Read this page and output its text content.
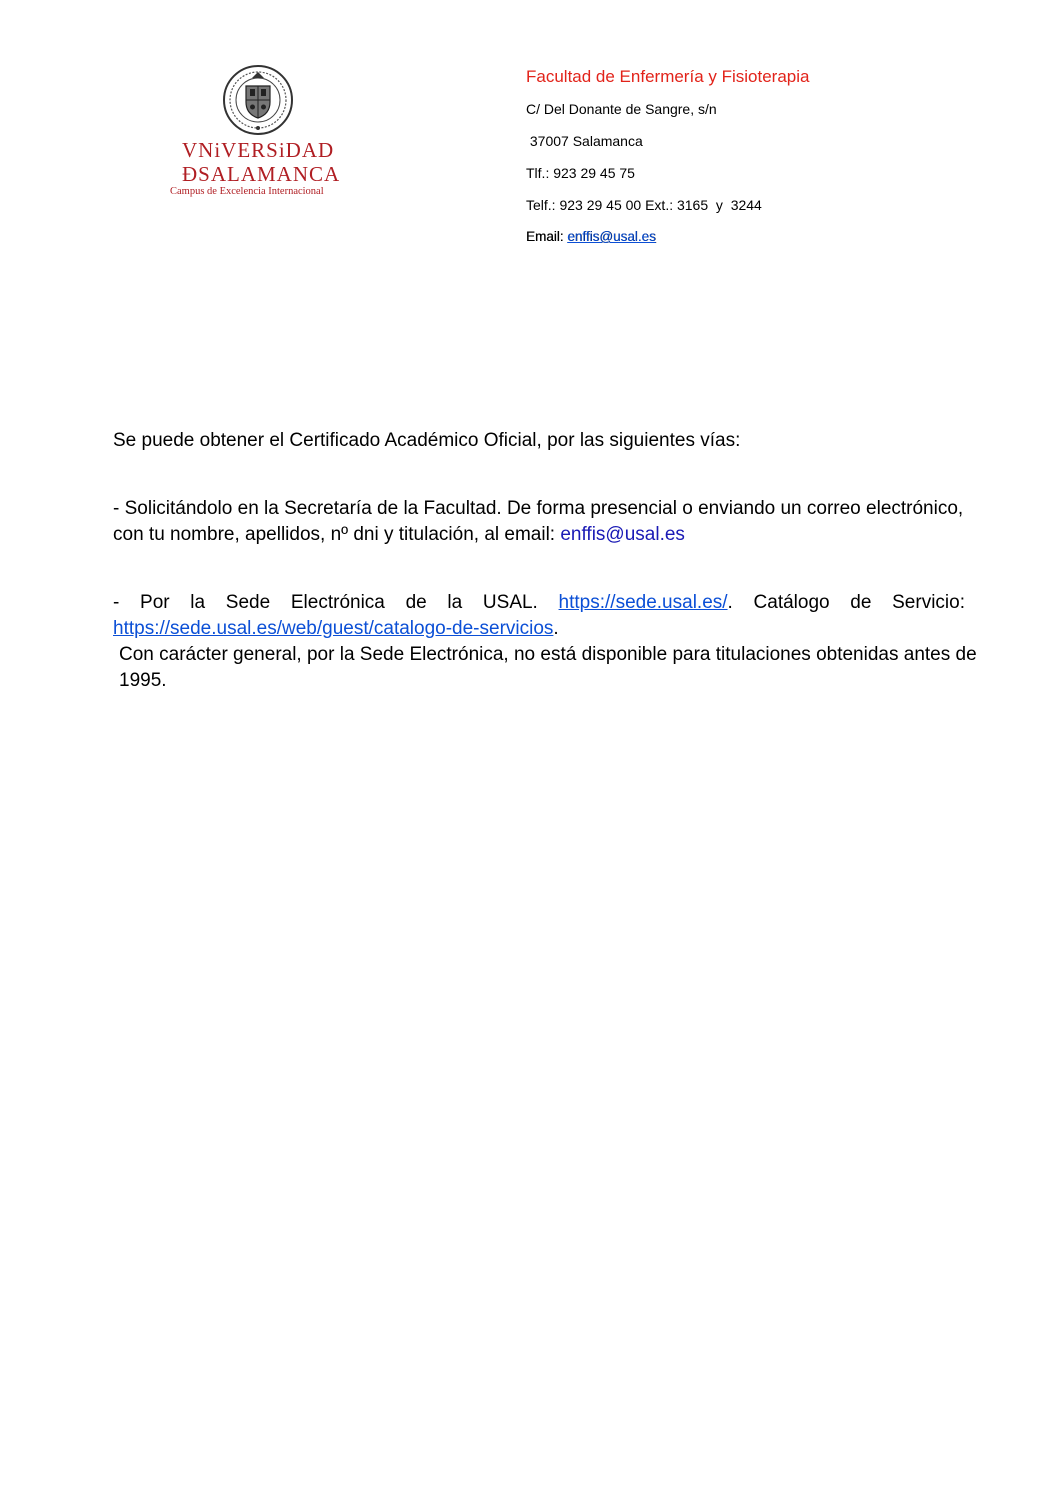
VNiVERSiDAD
ÐSALAMANCA
Campus de Excelencia Internacional
Facultad de Enfermería y Fisioterapia
C/ Del Donante de Sangre, s/n
37007 Salamanca
Tlf.: 923 29 45 75
Telf.: 923 29 45 00 Ext.: 3165  y  3244
Email: enffis@usal.es

Se puede obtener el Certificado Académico Oficial, por las siguientes vías:

- Solicitándolo en la Secretaría de la Facultad. De forma presencial o enviando un correo electrónico, con tu nombre, apellidos, nº dni y titulación, al email: enffis@usal.es

- Por la Sede Electrónica de la USAL. https://sede.usal.es/. Catálogo de Servicio: https://sede.usal.es/web/guest/catalogo-de-servicios.

Con carácter general, por la Sede Electrónica, no está disponible para titulaciones obtenidas antes de 1995.
